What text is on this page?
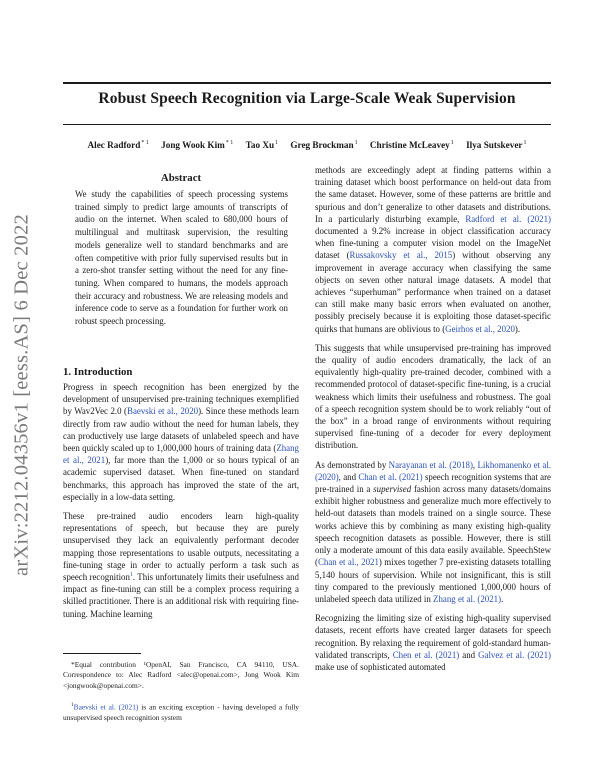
arXiv:2212.04356v1 [eess.AS] 6 Dec 2022
Robust Speech Recognition via Large-Scale Weak Supervision
Alec Radford$^{* 1}$ Jong Wook Kim$^{* 1}$ Tao Xu$^1$ Greg Brockman$^1$ Christine McLeavey$^1$ Ilya Sutskever$^1$
Abstract
We study the capabilities of speech processing systems trained simply to predict large amounts of transcripts of audio on the internet. When scaled to 680,000 hours of multilingual and multitask supervision, the resulting models generalize well to standard benchmarks and are often competitive with prior fully supervised results but in a zero-shot transfer setting without the need for any fine-tuning. When compared to humans, the models approach their accuracy and robustness. We are releasing models and inference code to serve as a foundation for further work on robust speech processing.
1. Introduction

Progress in speech recognition has been energized by the development of unsupervised pre-training techniques exemplified by Wav2Vec 2.0 (Baevski et al., 2020). Since these methods learn directly from raw audio without the need for human labels, they can productively use large datasets of unlabeled speech and have been quickly scaled up to 1,000,000 hours of training data (Zhang et al., 2021), far more than the 1,000 or so hours typical of an academic supervised dataset. When fine-tuned on standard benchmarks, this approach has improved the state of the art, especially in a low-data setting.

These pre-trained audio encoders learn high-quality representations of speech, but because they are purely unsupervised they lack an equivalently performant decoder mapping those representations to usable outputs, necessitating a fine-tuning stage in order to actually perform a task such as speech recognition$^1$. This unfortunately limits their usefulness and impact as fine-tuning can still be a complex process requiring a skilled practitioner. There is an additional risk with requiring fine-tuning. Machine learning

methods are exceedingly adept at finding patterns within a training dataset which boost performance on held-out data from the same dataset. However, some of these patterns are brittle and spurious and don’t generalize to other datasets and distributions. In a particularly disturbing example, Radford et al. (2021) documented a 9.2% increase in object classification accuracy when fine-tuning a computer vision model on the ImageNet dataset (Russakovsky et al., 2015) without observing any improvement in average accuracy when classifying the same objects on seven other natural image datasets. A model that achieves “superhuman” performance when trained on a dataset can still make many basic errors when evaluated on another, possibly precisely because it is exploiting those dataset-specific quirks that humans are oblivious to (Geirhos et al., 2020).

This suggests that while unsupervised pre-training has improved the quality of audio encoders dramatically, the lack of an equivalently high-quality pre-trained decoder, combined with a recommended protocol of dataset-specific fine-tuning, is a crucial weakness which limits their usefulness and robustness. The goal of a speech recognition system should be to work reliably “out of the box” in a broad range of environments without requiring supervised fine-tuning of a decoder for every deployment distribution.

As demonstrated by Narayanan et al. (2018), Likhomanenko et al. (2020), and Chan et al. (2021) speech recognition systems that are pre-trained in a supervised fashion across many datasets/domains exhibit higher robustness and generalize much more effectively to held-out datasets than models trained on a single source. These works achieve this by combining as many existing high-quality speech recognition datasets as possible. However, there is still only a moderate amount of this data easily available. SpeechStew (Chan et al., 2021) mixes together 7 pre-existing datasets totalling 5,140 hours of supervision. While not insignificant, this is still tiny compared to the previously mentioned 1,000,000 hours of unlabeled speech data utilized in Zhang et al. (2021).

Recognizing the limiting size of existing high-quality supervised datasets, recent efforts have created larger datasets for speech recognition. By relaxing the requirement of gold-standard human-validated transcripts, Chen et al. (2021) and Galvez et al. (2021) make use of sophisticated automated

*Equal contribution ¹OpenAI, San Francisco, CA 94110, USA. Correspondence to: Alec Radford <alec@openai.com>, Jong Wook Kim <jongwook@openai.com>.

$^1$Baevski et al. (2021) is an exciting exception - having developed a fully unsupervised speech recognition system
